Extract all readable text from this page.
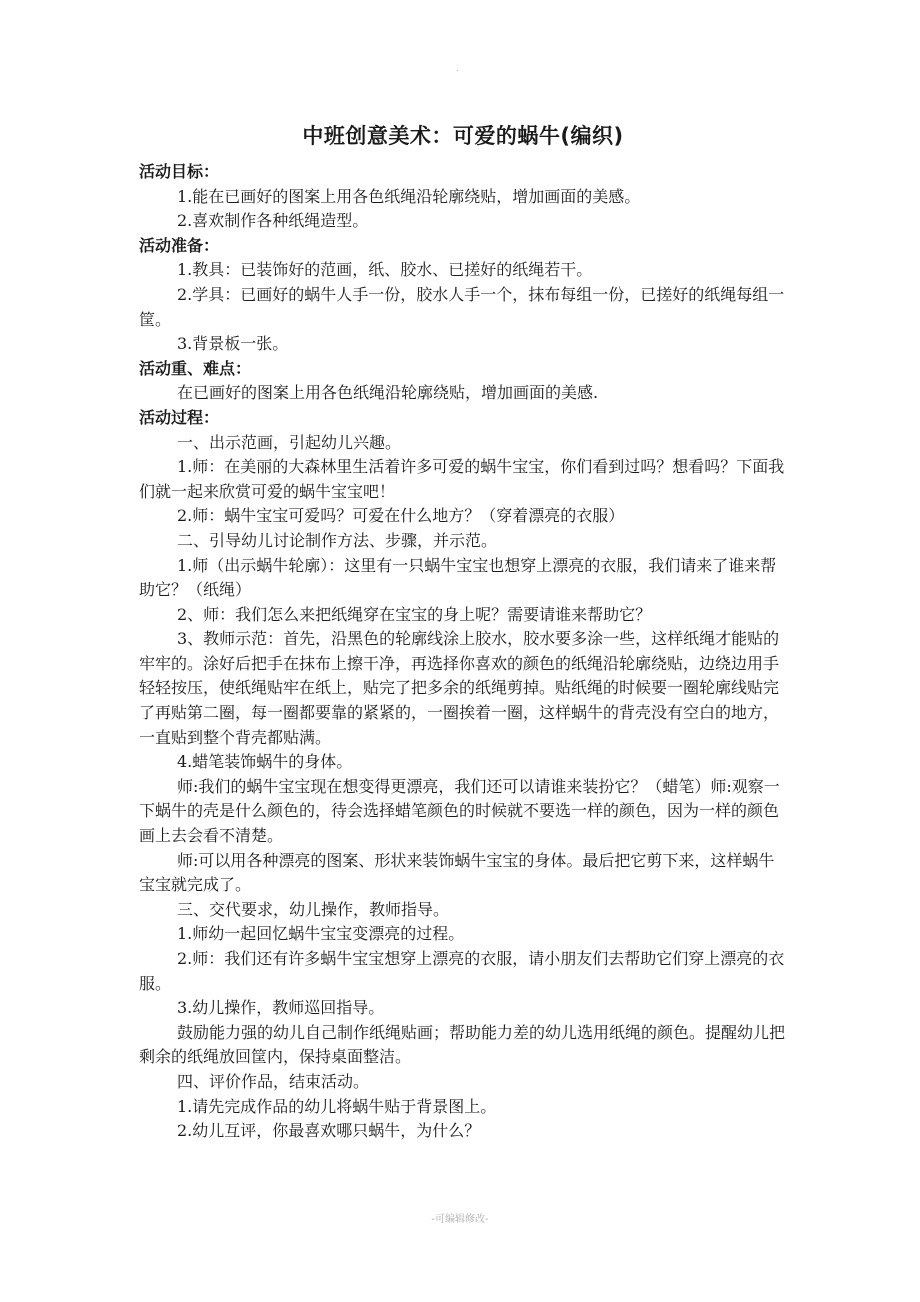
.
中班创意美术：可爱的蜗牛(编织)

活动目标：

1.能在已画好的图案上用各色纸绳沿轮廓绕贴，增加画面的美感。

2.喜欢制作各种纸绳造型。

活动准备：

1.教具：已装饰好的范画，纸、胶水、已搓好的纸绳若干。

2.学具：已画好的蜗牛人手一份，胶水人手一个，抹布每组一份，已搓好的纸绳每组一筐。

3.背景板一张。

活动重、难点：

在已画好的图案上用各色纸绳沿轮廓绕贴，增加画面的美感.

活动过程：

一、出示范画，引起幼儿兴趣。

1.师：在美丽的大森林里生活着许多可爱的蜗牛宝宝，你们看到过吗？想看吗？下面我们就一起来欣赏可爱的蜗牛宝宝吧！

2.师：蜗牛宝宝可爱吗？可爱在什么地方？（穿着漂亮的衣服）

二、引导幼儿讨论制作方法、步骤，并示范。

1.师（出示蜗牛轮廓）：这里有一只蜗牛宝宝也想穿上漂亮的衣服，我们请来了谁来帮助它？（纸绳）

2、师：我们怎么来把纸绳穿在宝宝的身上呢？需要请谁来帮助它？

3、教师示范：首先，沿黑色的轮廓线涂上胶水，胶水要多涂一些，这样纸绳才能贴的牢牢的。涂好后把手在抹布上擦干净，再选择你喜欢的颜色的纸绳沿轮廓绕贴，边绕边用手轻轻按压，使纸绳贴牢在纸上，贴完了把多余的纸绳剪掉。贴纸绳的时候要一圈轮廓线贴完了再贴第二圈，每一圈都要靠的紧紧的，一圈挨着一圈，这样蜗牛的背壳没有空白的地方，一直贴到整个背壳都贴满。

4.蜡笔装饰蜗牛的身体。

师:我们的蜗牛宝宝现在想变得更漂亮，我们还可以请谁来装扮它？（蜡笔）师:观察一下蜗牛的壳是什么颜色的，待会选择蜡笔颜色的时候就不要选一样的颜色，因为一样的颜色画上去会看不清楚。

师:可以用各种漂亮的图案、形状来装饰蜗牛宝宝的身体。最后把它剪下来，这样蜗牛宝宝就完成了。

三、交代要求，幼儿操作，教师指导。

1.师幼一起回忆蜗牛宝宝变漂亮的过程。

2.师：我们还有许多蜗牛宝宝想穿上漂亮的衣服，请小朋友们去帮助它们穿上漂亮的衣服。

3.幼儿操作，教师巡回指导。

鼓励能力强的幼儿自己制作纸绳贴画；帮助能力差的幼儿选用纸绳的颜色。提醒幼儿把剩余的纸绳放回筐内，保持桌面整洁。

四、评价作品，结束活动。

1.请先完成作品的幼儿将蜗牛贴于背景图上。

2.幼儿互评，你最喜欢哪只蜗牛，为什么？

-可编辑修改-
